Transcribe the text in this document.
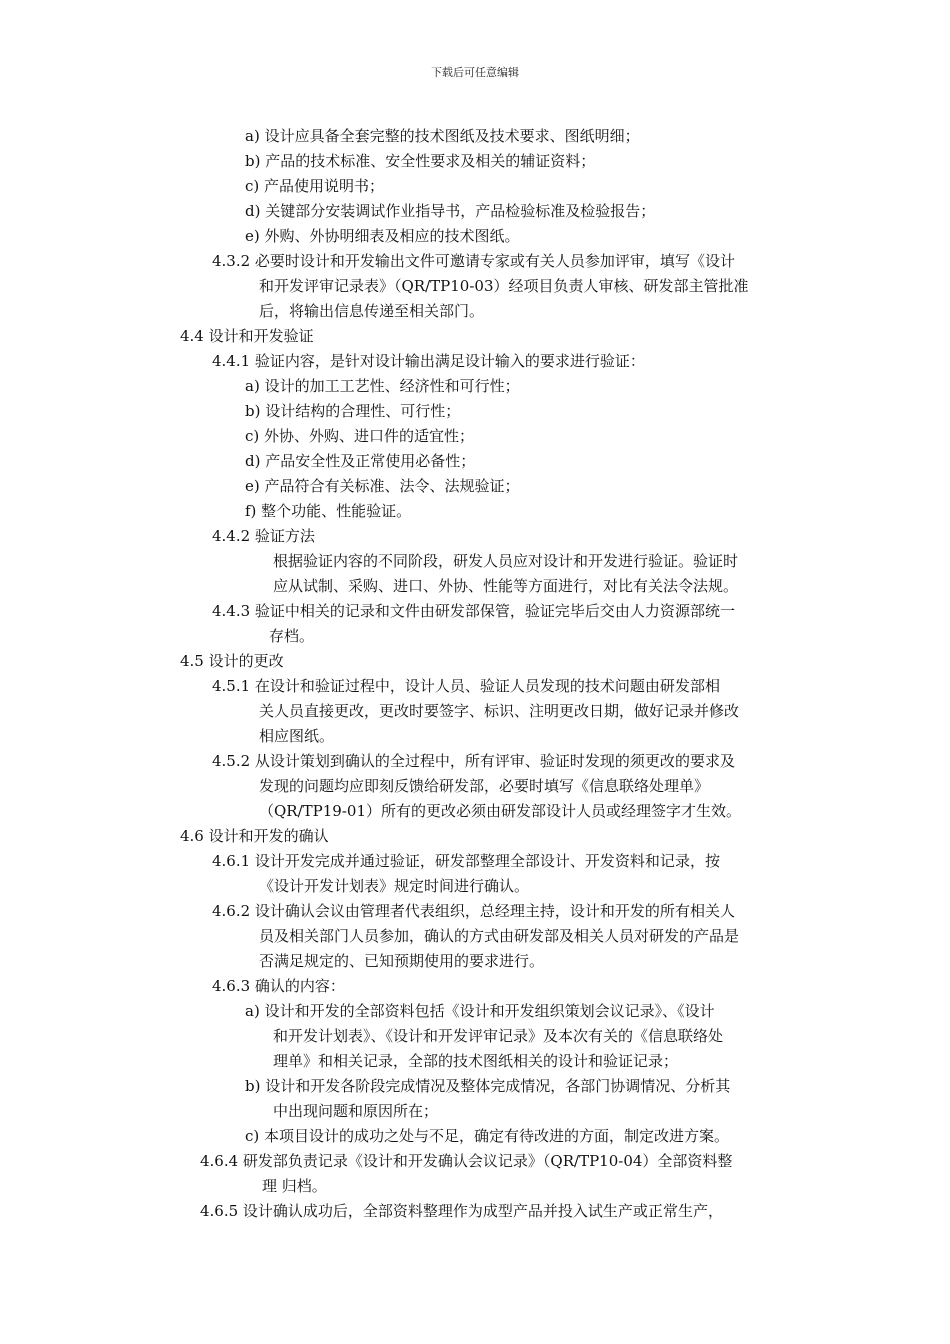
下载后可任意编辑
a) 设计应具备全套完整的技术图纸及技术要求、图纸明细；
b) 产品的技术标准、安全性要求及相关的辅证资料；
c) 产品使用说明书；
d) 关键部分安装调试作业指导书，产品检验标准及检验报告；
e) 外购、外协明细表及相应的技术图纸。
4.3.2 必要时设计和开发输出文件可邀请专家或有关人员参加评审，填写《设计
和开发评审记录表》（QR/TP10-03）经项目负责人审核、研发部主管批准
后，将输出信息传递至相关部门。
4.4 设计和开发验证
4.4.1 验证内容，是针对设计输出满足设计输入的要求进行验证：
a) 设计的加工工艺性、经济性和可行性；
b) 设计结构的合理性、可行性；
c) 外协、外购、进口件的适宜性；
d) 产品安全性及正常使用必备性；
e) 产品符合有关标准、法令、法规验证；
f) 整个功能、性能验证。
4.4.2 验证方法
根据验证内容的不同阶段，研发人员应对设计和开发进行验证。验证时
应从试制、采购、进口、外协、性能等方面进行，对比有关法令法规。
4.4.3 验证中相关的记录和文件由研发部保管，验证完毕后交由人力资源部统一
存档。
4.5 设计的更改
4.5.1 在设计和验证过程中，设计人员、验证人员发现的技术问题由研发部相
关人员直接更改，更改时要签字、标识、注明更改日期，做好记录并修改
相应图纸。
4.5.2 从设计策划到确认的全过程中，所有评审、验证时发现的须更改的要求及
发现的问题均应即刻反馈给研发部，必要时填写《信息联络处理单》
（QR/TP19-01）所有的更改必须由研发部设计人员或经理签字才生效。
4.6 设计和开发的确认
4.6.1 设计开发完成并通过验证，研发部整理全部设计、开发资料和记录，按
《设计开发计划表》规定时间进行确认。
4.6.2 设计确认会议由管理者代表组织，总经理主持，设计和开发的所有相关人
员及相关部门人员参加，确认的方式由研发部及相关人员对研发的产品是
否满足规定的、已知预期使用的要求进行。
4.6.3 确认的内容：
a) 设计和开发的全部资料包括《设计和开发组织策划会议记录》、《设计
和开发计划表》、《设计和开发评审记录》及本次有关的《信息联络处
理单》和相关记录，全部的技术图纸相关的设计和验证记录；
b) 设计和开发各阶段完成情况及整体完成情况，各部门协调情况、分析其
中出现问题和原因所在；
c) 本项目设计的成功之处与不足，确定有待改进的方面，制定改进方案。
4.6.4 研发部负责记录《设计和开发确认会议记录》（QR/TP10-04）全部资料整
理 归档。
4.6.5 设计确认成功后，全部资料整理作为成型产品并投入试生产或正常生产，
